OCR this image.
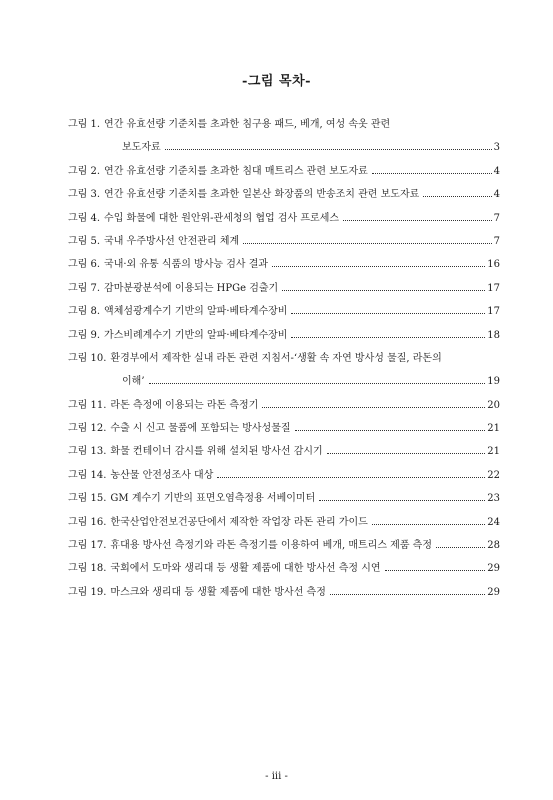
-그림 목차-
그림 1. 연간 유효선량 기준치를 초과한 침구용 패드, 베개, 여성 속옷 관련
보도자료	3
그림 2. 연간 유효선량 기준치를 초과한 침대 매트리스 관련 보도자료	4
그림 3. 연간 유효선량 기준치를 초과한 일본산 화장품의 반송조치 관련 보도자료	4
그림 4. 수입 화물에 대한 원안위-관세청의 협업 검사 프로세스	7
그림 5. 국내 우주방사선 안전관리 체계	7
그림 6. 국내·외 유통 식품의 방사능 검사 결과	16
그림 7. 감마분광분석에 이용되는 HPGe 검출기	17
그림 8. 액체섬광계수기 기반의 알파·베타계수장비	17
그림 9. 가스비례계수기 기반의 알파·베타계수장비	18
그림 10. 환경부에서 제작한 실내 라돈 관련 지침서-‘생활 속 자연 방사성 물질, 라돈의
이해’	19
그림 11. 라돈 측정에 이용되는 라돈 측정기	20
그림 12. 수출 시 신고 물품에 포함되는 방사성물질	21
그림 13. 화물 컨테이너 감시를 위해 설치된 방사선 감시기	21
그림 14. 농산물 안전성조사 대상	22
그림 15. GM 계수기 기반의 표면오염측정용 서베이미터	23
그림 16. 한국산업안전보건공단에서 제작한 작업장 라돈 관리 가이드	24
그림 17. 휴대용 방사선 측정기와 라돈 측정기를 이용하여 베개, 매트리스 제품 측정	28
그림 18. 국회에서 도마와 생리대 등 생활 제품에 대한 방사선 측정 시연	29
그림 19. 마스크와 생리대 등 생활 제품에 대한 방사선 측정	29
- iii -
